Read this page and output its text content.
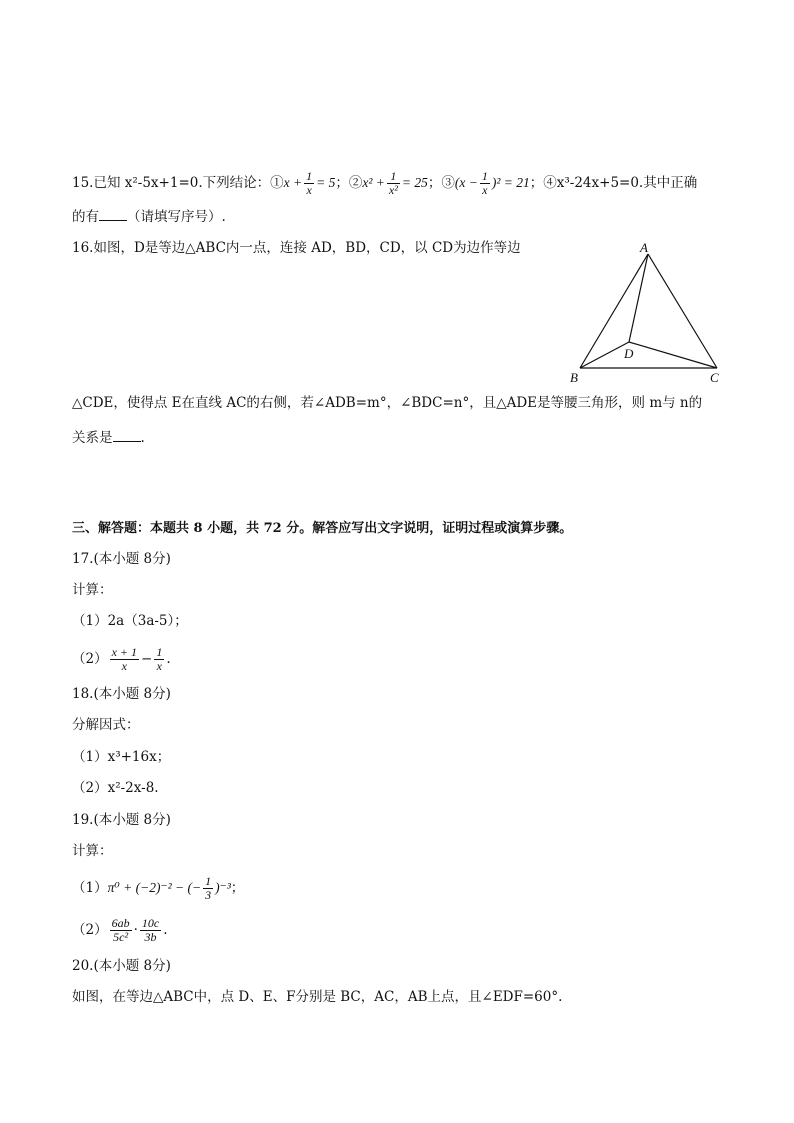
15.已知 x²-5x+1=0.下列结论：①x + $\frac{1}{x} = 5$；②x² + $\frac{1}{\text{x²}} = 25$；③(x − $\frac{1}{x} )^2 = 21$；④x³-24x+5=0.其中正确
的有 （请填写序号）.
16.如图，D是等边△ABC内一点，连接 AD，BD，CD，以 CD为边作等边	A
B	C
D
△CDE，使得点 E在直线 AC的右侧，若∠ADB=m°，∠BDC=n°，且△ADE是等腰三角形，则 m与 n的
关系是 .
三、解答题：本题共 8 小题，共 72 分。解答应写出文字说明，证明过程或演算步骤。
17.(本小题 8分)
计算：
（1）2a（3a-5）；
$(2) \frac{x + 1}{x} - \frac{1}{x}$ .
18.(本小题 8分)
分解因式：
（1）x³+16x；
（2）x²-2x-8.
19.(本小题 8分)
计算：
（1）π⁰ + (−2)⁻² − (− $\frac{1}{3} )^{-3}$；
$(2) \frac{6ab}{\text{5c²}} \cdot \frac{10c}{3b}$ .
20.(本小题 8分)
如图，在等边△ABC中，点 D、E、F分别是 BC，AC，AB上点，且∠EDF=60°.
